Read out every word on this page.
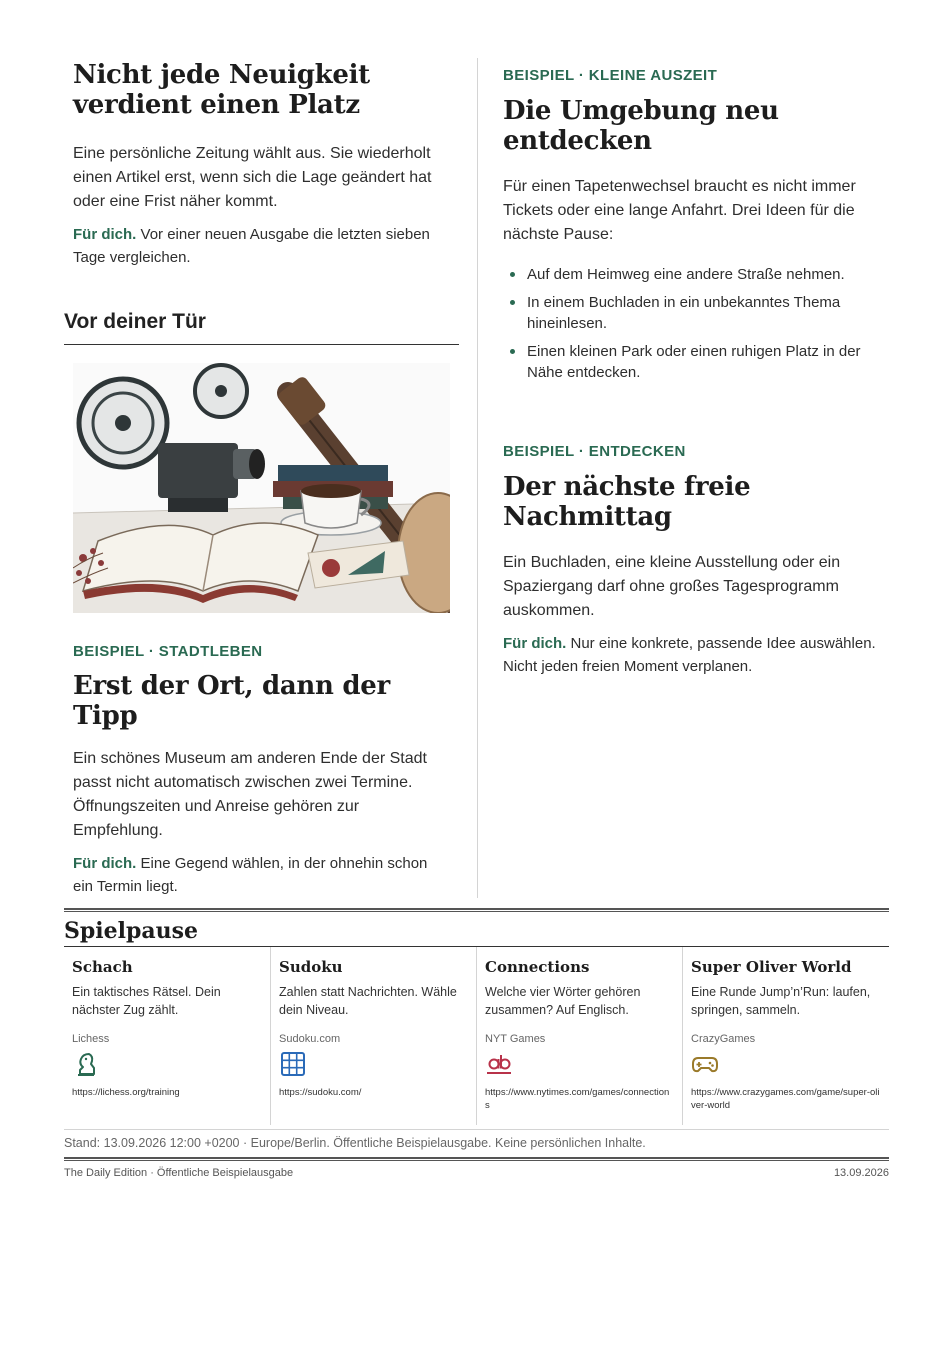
Nicht jede Neuigkeit verdient einen Platz

Eine persönliche Zeitung wählt aus. Sie wiederholt einen Artikel erst, wenn sich die Lage geändert hat oder eine Frist näher kommt.

Für dich. Vor einer neuen Ausgabe die letzten sieben Tage vergleichen.

Vor deiner Tür
BEISPIEL · STADTLEBEN
Erst der Ort, dann der Tipp

Ein schönes Museum am anderen Ende der Stadt passt nicht automatisch zwischen zwei Termine. Öffnungszeiten und Anreise gehören zur Empfehlung.

Für dich. Eine Gegend wählen, in der ohnehin schon ein Termin liegt.

BEISPIEL · KLEINE AUSZEIT
Die Umgebung neu entdecken

Für einen Tapetenwechsel braucht es nicht immer Tickets oder eine lange Anfahrt. Drei Ideen für die nächste Pause:

Auf dem Heimweg eine andere Straße nehmen.
In einem Buchladen in ein unbekanntes Thema hineinlesen.
Einen kleinen Park oder einen ruhigen Platz in der Nähe entdecken.
BEISPIEL · ENTDECKEN
Der nächste freie Nachmittag

Ein Buchladen, eine kleine Ausstellung oder ein Spaziergang darf ohne großes Tagesprogramm auskommen.

Für dich. Nur eine konkrete, passende Idee auswählen. Nicht jeden freien Moment verplanen.

Spielpause
Schach
Ein taktisches Rätsel. Dein nächster Zug zählt.
Lichess
https://lichess.org/training
Sudoku
Zahlen statt Nachrichten. Wähle dein Niveau.
Sudoku.com
https://sudoku.com/
Connections
Welche vier Wörter gehören zusammen? Auf Englisch.
NYT Games
https://www.nytimes.com/games/connections
Super Oliver World
Eine Runde Jump’n’Run: laufen, springen, sammeln.
CrazyGames
https://www.crazygames.com/game/super-oliver-world
Stand: 13.09.2026 12:00 +0200 · Europe/Berlin. Öffentliche Beispielausgabe. Keine persönlichen Inhalte.
The Daily Edition · Öffentliche Beispielausgabe	13.09.2026
